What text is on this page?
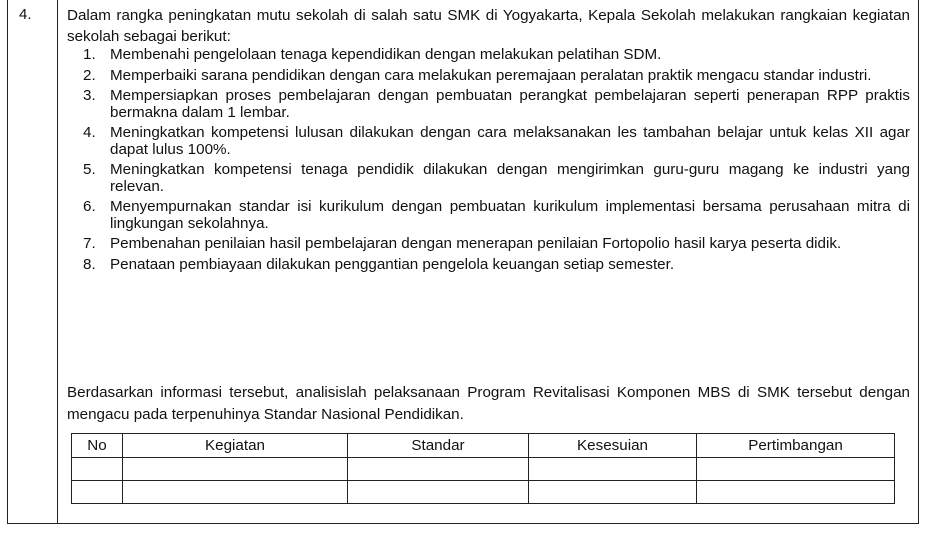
4. Dalam rangka peningkatan mutu sekolah di salah satu SMK di Yogyakarta, Kepala Sekolah melakukan rangkaian kegiatan sekolah sebagai berikut:

1. Membenahi pengelolaan tenaga kependidikan dengan melakukan pelatihan SDM.
2. Memperbaiki sarana pendidikan dengan cara melakukan peremajaan peralatan praktik mengacu standar industri.
3. Mempersiapkan proses pembelajaran dengan pembuatan perangkat pembelajaran seperti penerapan RPP praktis bermakna dalam 1 lembar.
4. Meningkatkan kompetensi lulusan dilakukan dengan cara melaksanakan les tambahan belajar untuk kelas XII agar dapat lulus 100%.
5. Meningkatkan kompetensi tenaga pendidik dilakukan dengan mengirimkan guru-guru magang ke industri yang relevan.
6. Menyempurnakan standar isi kurikulum dengan pembuatan kurikulum implementasi bersama perusahaan mitra di lingkungan sekolahnya.
7. Pembenahan penilaian hasil pembelajaran dengan menerapan penilaian Fortopolio hasil karya peserta didik.
8. Penataan pembiayaan dilakukan penggantian pengelola keuangan setiap semester.

Berdasarkan informasi tersebut, analisislah pelaksanaan Program Revitalisasi Komponen MBS di SMK tersebut dengan mengacu pada terpenuhinya Standar Nasional Pendidikan.

No	Kegiatan	Standar	Kesesuian	Pertimbangan
